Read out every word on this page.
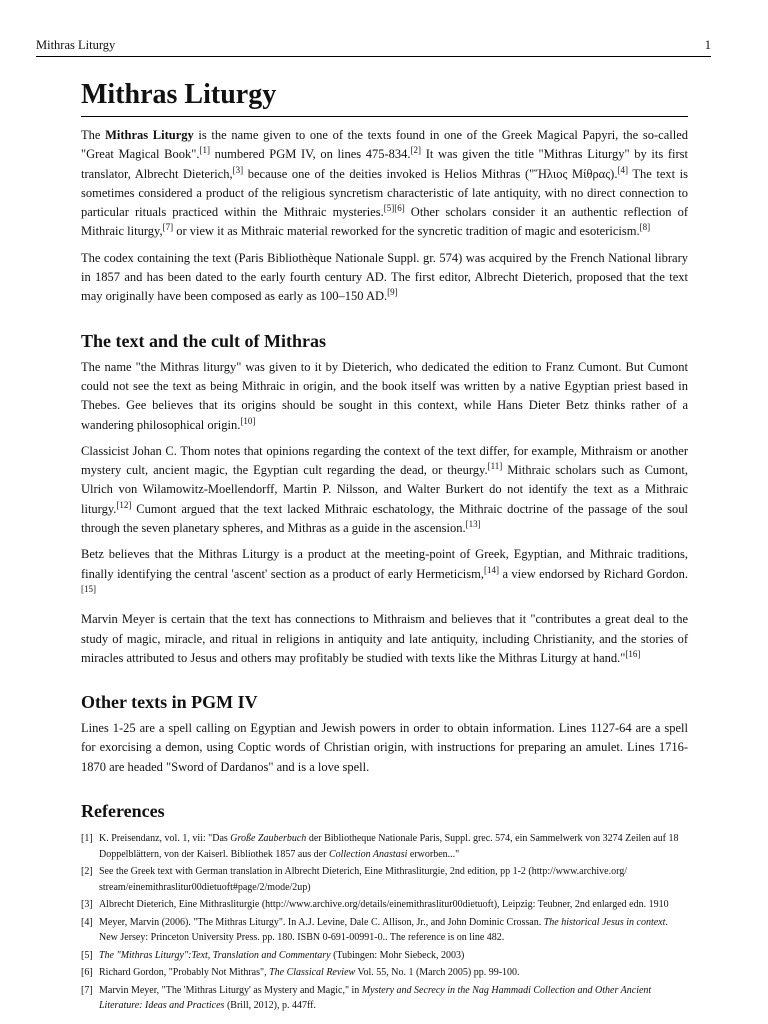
Mithras Liturgy	1
Mithras Liturgy

The Mithras Liturgy is the name given to one of the texts found in one of the Greek Magical Papyri, the so-called "Great Magical Book".[1] numbered PGM IV, on lines 475-834.[2] It was given the title "Mithras Liturgy" by its first translator, Albrecht Dieterich,[3] because one of the deities invoked is Helios Mithras ("Ἥλιος Μίθρας).[4] The text is sometimes considered a product of the religious syncretism characteristic of late antiquity, with no direct connection to particular rituals practiced within the Mithraic mysteries.[5][6] Other scholars consider it an authentic reflection of Mithraic liturgy,[7] or view it as Mithraic material reworked for the syncretic tradition of magic and esotericism.[8]

The codex containing the text (Paris Bibliothèque Nationale Suppl. gr. 574) was acquired by the French National library in 1857 and has been dated to the early fourth century AD. The first editor, Albrecht Dieterich, proposed that the text may originally have been composed as early as 100–150 AD.[9]

The text and the cult of Mithras

The name "the Mithras liturgy" was given to it by Dieterich, who dedicated the edition to Franz Cumont. But Cumont could not see the text as being Mithraic in origin, and the book itself was written by a native Egyptian priest based in Thebes. Gee believes that its origins should be sought in this context, while Hans Dieter Betz thinks rather of a wandering philosophical origin.[10]

Classicist Johan C. Thom notes that opinions regarding the context of the text differ, for example, Mithraism or another mystery cult, ancient magic, the Egyptian cult regarding the dead, or theurgy.[11] Mithraic scholars such as Cumont, Ulrich von Wilamowitz-Moellendorff, Martin P. Nilsson, and Walter Burkert do not identify the text as a Mithraic liturgy.[12] Cumont argued that the text lacked Mithraic eschatology, the Mithraic doctrine of the passage of the soul through the seven planetary spheres, and Mithras as a guide in the ascension.[13]

Betz believes that the Mithras Liturgy is a product at the meeting-point of Greek, Egyptian, and Mithraic traditions, finally identifying the central 'ascent' section as a product of early Hermeticism,[14] a view endorsed by Richard Gordon.[15]

Marvin Meyer is certain that the text has connections to Mithraism and believes that it "contributes a great deal to the study of magic, miracle, and ritual in religions in antiquity and late antiquity, including Christianity, and the stories of miracles attributed to Jesus and others may profitably be studied with texts like the Mithras Liturgy at hand."[16]

Other texts in PGM IV

Lines 1-25 are a spell calling on Egyptian and Jewish powers in order to obtain information. Lines 1127-64 are a spell for exorcising a demon, using Coptic words of Christian origin, with instructions for preparing an amulet. Lines 1716-1870 are headed "Sword of Dardanos" and is a love spell.

References
[1] K. Preisendanz, vol. 1, vii: "Das Große Zauberbuch der Bibliotheque Nationale Paris, Suppl. grec. 574, ein Sammelwerk von 3274 Zeilen auf 18 Doppelblättern, von der Kaiserl. Bibliothek 1857 aus der Collection Anastasi erworben..."
[2] See the Greek text with German translation in Albrecht Dieterich, Eine Mithrasliturgie, 2nd edition, pp 1-2 (http://www.archive.org/ stream/einemithraslitur00dietuoft#page/2/mode/2up)
[3] Albrecht Dieterich, Eine Mithrasliturgie (http://www.archive.org/details/einemithraslitur00dietuoft), Leipzig: Teubner, 2nd enlarged edn. 1910
[4] Meyer, Marvin (2006). "The Mithras Liturgy". In A.J. Levine, Dale C. Allison, Jr., and John Dominic Crossan. The historical Jesus in context. New Jersey: Princeton University Press. pp. 180. ISBN 0-691-00991-0.. The reference is on line 482.
[5] The "Mithras Liturgy":Text, Translation and Commentary (Tubingen: Mohr Siebeck, 2003)
[6] Richard Gordon, "Probably Not Mithras", The Classical Review Vol. 55, No. 1 (March 2005) pp. 99-100.
[7] Marvin Meyer, "The 'Mithras Liturgy' as Mystery and Magic," in Mystery and Secrecy in the Nag Hammadi Collection and Other Ancient Literature: Ideas and Practices (Brill, 2012), p. 447ff.
